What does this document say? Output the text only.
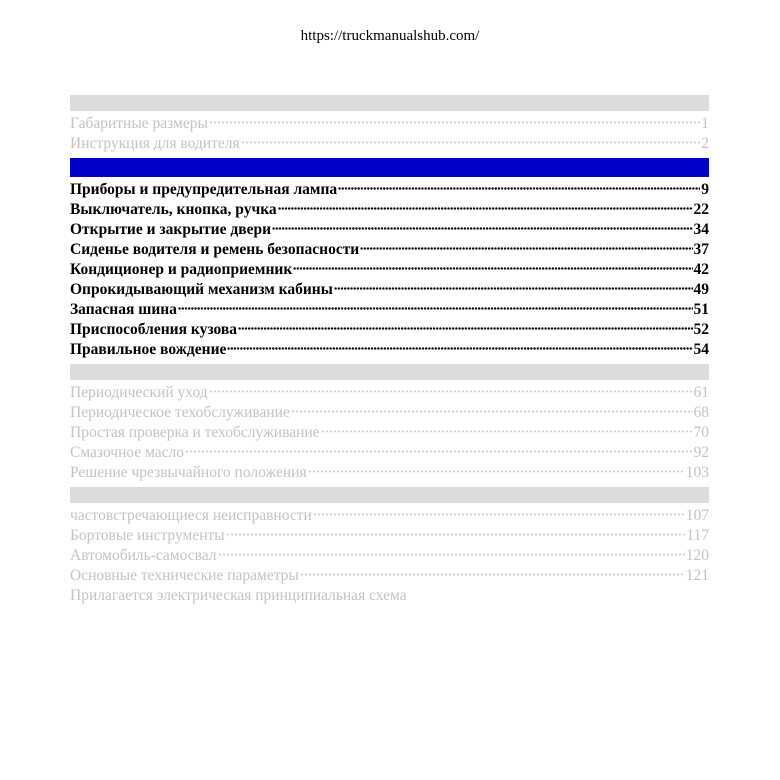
https://truckmanualshub.com/
Габаритные размеры	1
Инструкция для водителя	2
Приборы и предупредительная лампа	9
Выключатель, кнопка, ручка	22
Открытие и закрытие двери	34
Сиденье водителя и ремень безопасности	37
Кондиционер и радиоприемник	42
Опрокидывающий механизм кабины	49
Запасная шина	51
Приспособления кузова	52
Правильное вождение	54
Периодический уход	61
Периодическое техобслуживание	68
Простая проверка и техобслуживание	70
Смазочное масло	92
Решение чрезвычайного положения	103
частовстречающиеся неисправности	107
Бортовые инструменты	117
Автомобиль-самосвал	120
Основные технические параметры	121
Прилагается электрическая принципиальная схема
